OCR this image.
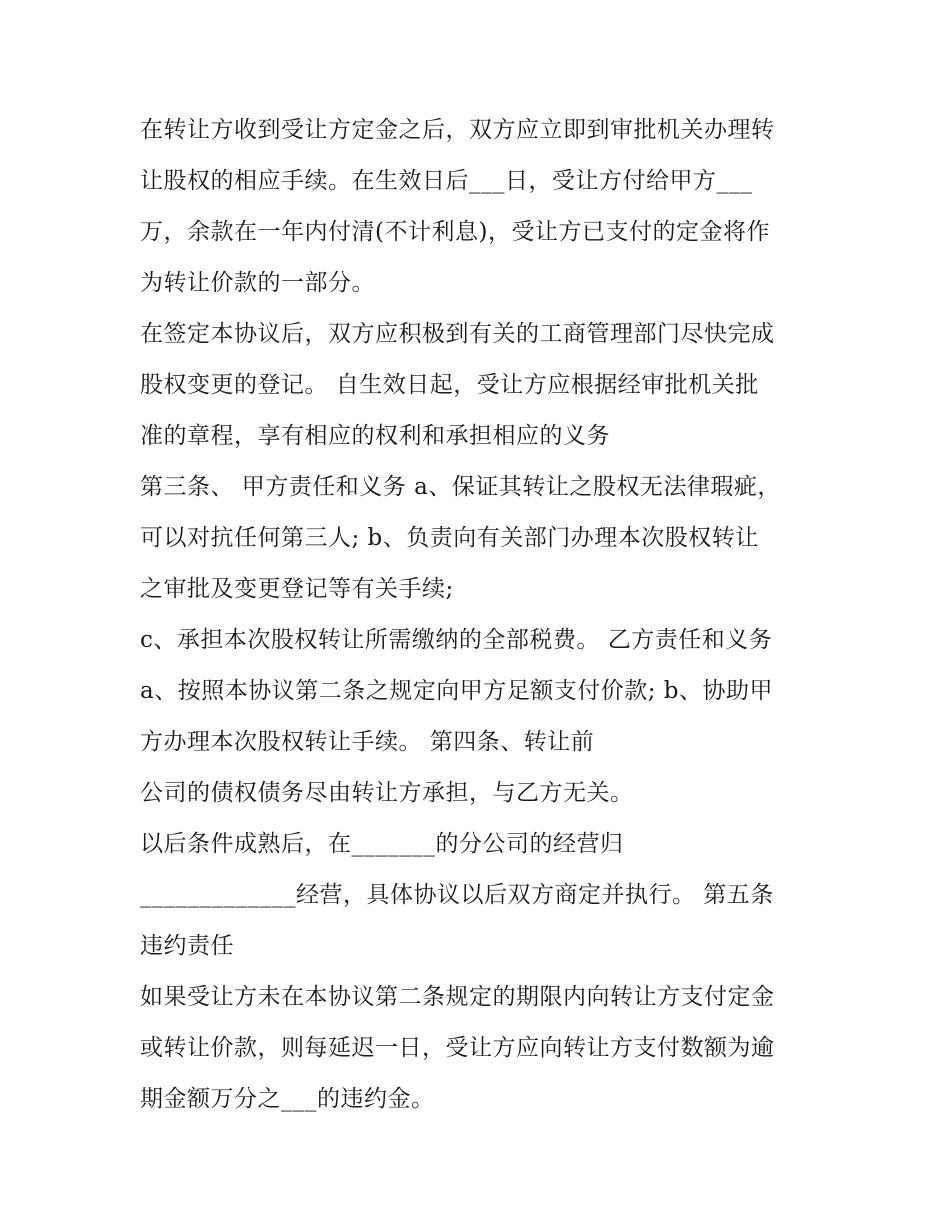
在转让方收到受让方定金之后，双方应立即到审批机关办理转
让股权的相应手续。在生效日后___日，受让方付给甲方___
万，余款在一年内付清(不计利息)，受让方已支付的定金将作
为转让价款的一部分。
在签定本协议后，双方应积极到有关的工商管理部门尽快完成
股权变更的登记。 自生效日起，受让方应根据经审批机关批
准的章程，享有相应的权利和承担相应的义务
第三条、 甲方责任和义务 a、保证其转让之股权无法律瑕疵，
可以对抗任何第三人; b、负责向有关部门办理本次股权转让
之审批及变更登记等有关手续;
c、承担本次股权转让所需缴纳的全部税费。 乙方责任和义务
a、按照本协议第二条之规定向甲方足额支付价款; b、协助甲
方办理本次股权转让手续。 第四条、转让前
公司的债权债务尽由转让方承担，与乙方无关。
以后条件成熟后，在_______的分公司的经营归
_____________经营，具体协议以后双方商定并执行。 第五条
违约责任
如果受让方未在本协议第二条规定的期限内向转让方支付定金
或转让价款，则每延迟一日，受让方应向转让方支付数额为逾
期金额万分之___的违约金。
